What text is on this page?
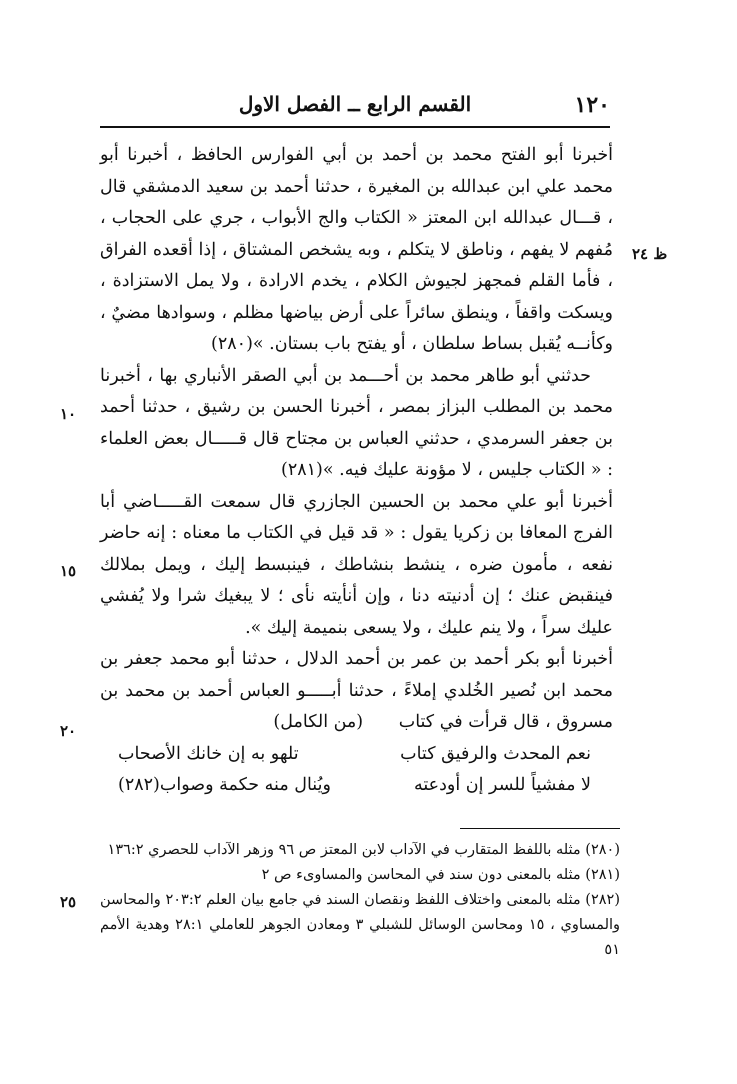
١٢٠
القسم الرابع ــ الفصل الاول

أخبرنا أبو الفتح محمد بن أحمد بن أبي الفوارس الحافظ ، أخبرنا أبو محمد علي ابن عبدالله بن المغيرة ، حدثنا أحمد بن سعيد الدمشقي قال ، قـــال عبدالله ابن المعتز « الكتاب والج الأبواب ، جري على الحجاب ، مُفهم لا يفهم ، وناطق لا يتكلم ، وبه يشخص المشتاق ، إذا أقعده الفراق ، فأما القلم فمجهز لجيوش الكلام ، يخدم الارادة ، ولا يمل الاستزادة ، ويسكت واقفاً ، وينطق سائراً على أرض بياضها مظلم ، وسوادها مضيٌ ، وكأنــه يُقبل بساط سلطان ، أو يفتح باب بستان. »(٢٨٠)

حدثني أبو طاهر محمد بن أحـــمد بن أبي الصقر الأنباري بها ، أخبرنا محمد بن المطلب البزاز بمصر ، أخبرنا الحسن بن رشيق ، حدثنا أحمد بن جعفر السرمدي ، حدثني العباس بن مجتاح قال قـــــال بعض العلماء : « الكتاب جليس ، لا مؤونة عليك فيه. »(٢٨١)

أخبرنا أبو علي محمد بن الحسين الجازري قال سمعت القـــــاضي أبا الفرج المعافا بن زكريا يقول : « قد قيل في الكتاب ما معناه : إنه حاضر نفعه ، مأمون ضره ، ينشط بنشاطك ، فينبسط إليك ، ويمل بملالك فينقبض عنك ؛ إن أدنيته دنا ، وإن أنأيته نأى ؛ لا يبغيك شرا ولا يُفشي عليك سراً ، ولا ينم عليك ، ولا يسعى بنميمة إليك ».

أخبرنا أبو بكر أحمد بن عمر بن أحمد الدلال ، حدثنا أبو محمد جعفر بن محمد ابن نُصير الخُلدي إملاءً ، حدثنا أبـــــو العباس أحمد بن محمد بن مسروق ، قال قرأت في كتاب (من الكامل)

نعم المحدث والرفيق كتاب
تلهو به إن خانك الأصحاب
لا مفشياً للسر إن أودعته
ويُنال منه حكمة وصواب(٢٨٢)
ظ ٢٤
١٠
١٥
٢٠
٢٥

(٢٨٠) مثله باللفظ المتقارب في الآداب لابن المعتز ص ٩٦ وزهر الآداب للحصري ١٣٦:٢

(٢٨١) مثله بالمعنى دون سند في المحاسن والمساوىء ص ٢

(٢٨٢) مثله بالمعنى واختلاف اللفظ ونقصان السند في جامع بيان العلم ٢٠٣:٢ والمحاسن والمساوي ، ١٥ ومحاسن الوسائل للشبلي ٣ ومعادن الجوهر للعاملي ٢٨:١ وهدية الأمم ٥١
